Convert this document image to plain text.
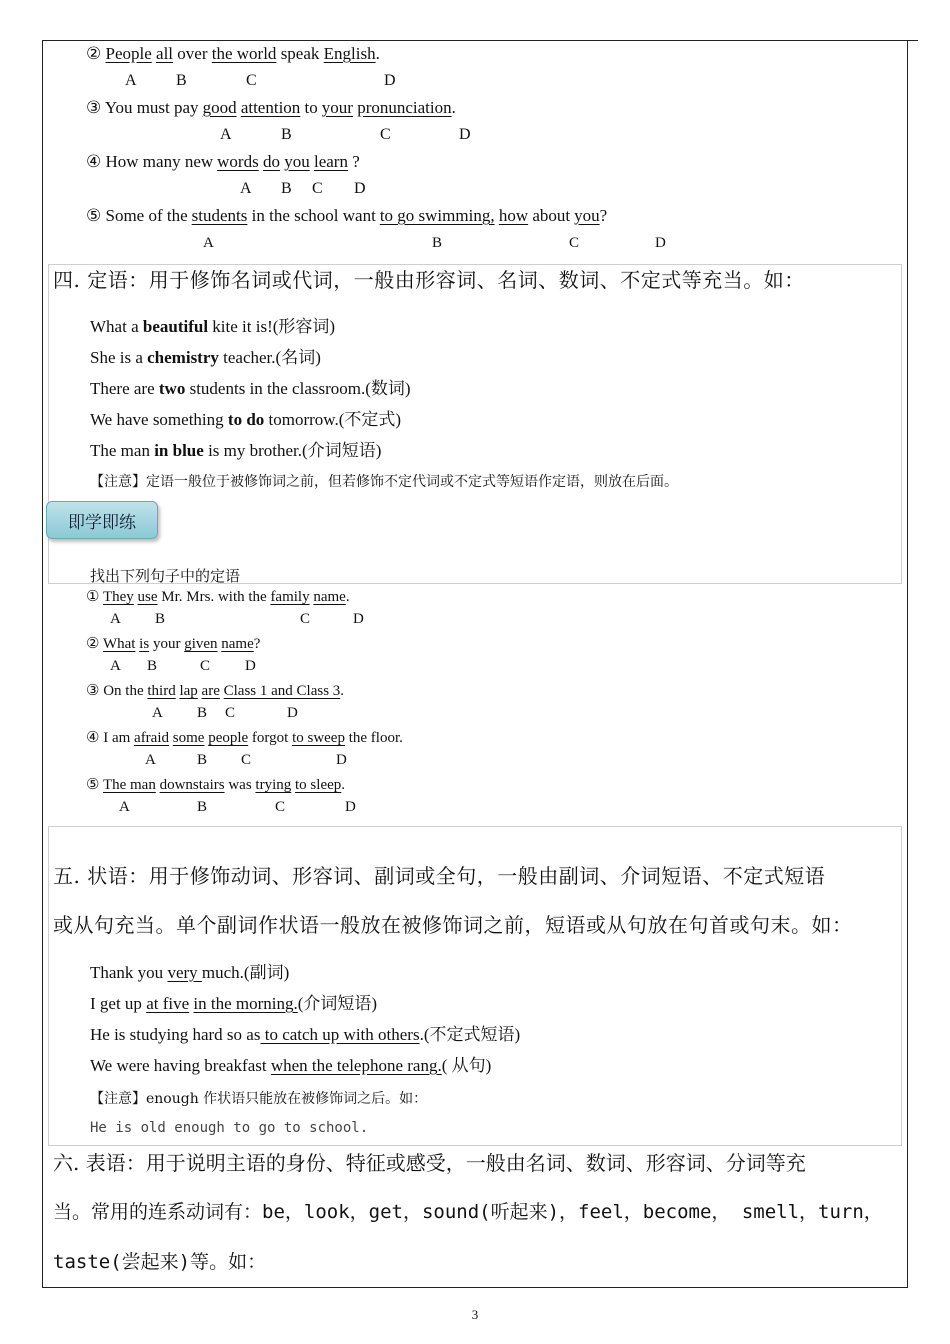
② People all over the world speak English.
A B	C	D
③ You must pay good attention to your pronunciation.
A	B	C	D
④ How many new words do you learn ?
A B C D
⑤ Some of the students in the school want to go swimming, how about you?
A	B	C	D
四. 定语：用于修饰名词或代词，一般由形容词、名词、数词、不定式等充当。如：
What a beautiful kite it is!(形容词)
She is a chemistry teacher.(名词)
There are two students in the classroom.(数词)
We have something to do tomorrow.(不定式)
The man in blue is my brother.(介词短语)
【注意】定语一般位于被修饰词之前，但若修饰不定代词或不定式等短语作定语，则放在后面。
即学即练
找出下列句子中的定语
① They use Mr. Mrs. with the family name.
A B	C	D
② What is your given name?
A B	C D
③ On the third lap are Class 1 and Class 3.
A B C	D
④ I am afraid some people forgot to sweep the floor.
A	B C	D
⑤ The man downstairs was trying to sleep.
A	B	C	D
五. 状语：用于修饰动词、形容词、副词或全句，一般由副词、介词短语、不定式短语
或从句充当。单个副词作状语一般放在被修饰词之前，短语或从句放在句首或句末。如：
Thank you very much.(副词)
I get up at five in the morning.(介词短语)
He is studying hard so as to catch up with others.(不定式短语)
We were having breakfast when the telephone rang.( 从句)
【注意】enough 作状语只能放在被修饰词之后。如：
He is old enough to go to school.
六. 表语：用于说明主语的身份、特征或感受，一般由名词、数词、形容词、分词等充
当。常用的连系动词有：be，look，get，sound(听起来)，feel，become， smell，turn，
taste(尝起来)等。如：
3
